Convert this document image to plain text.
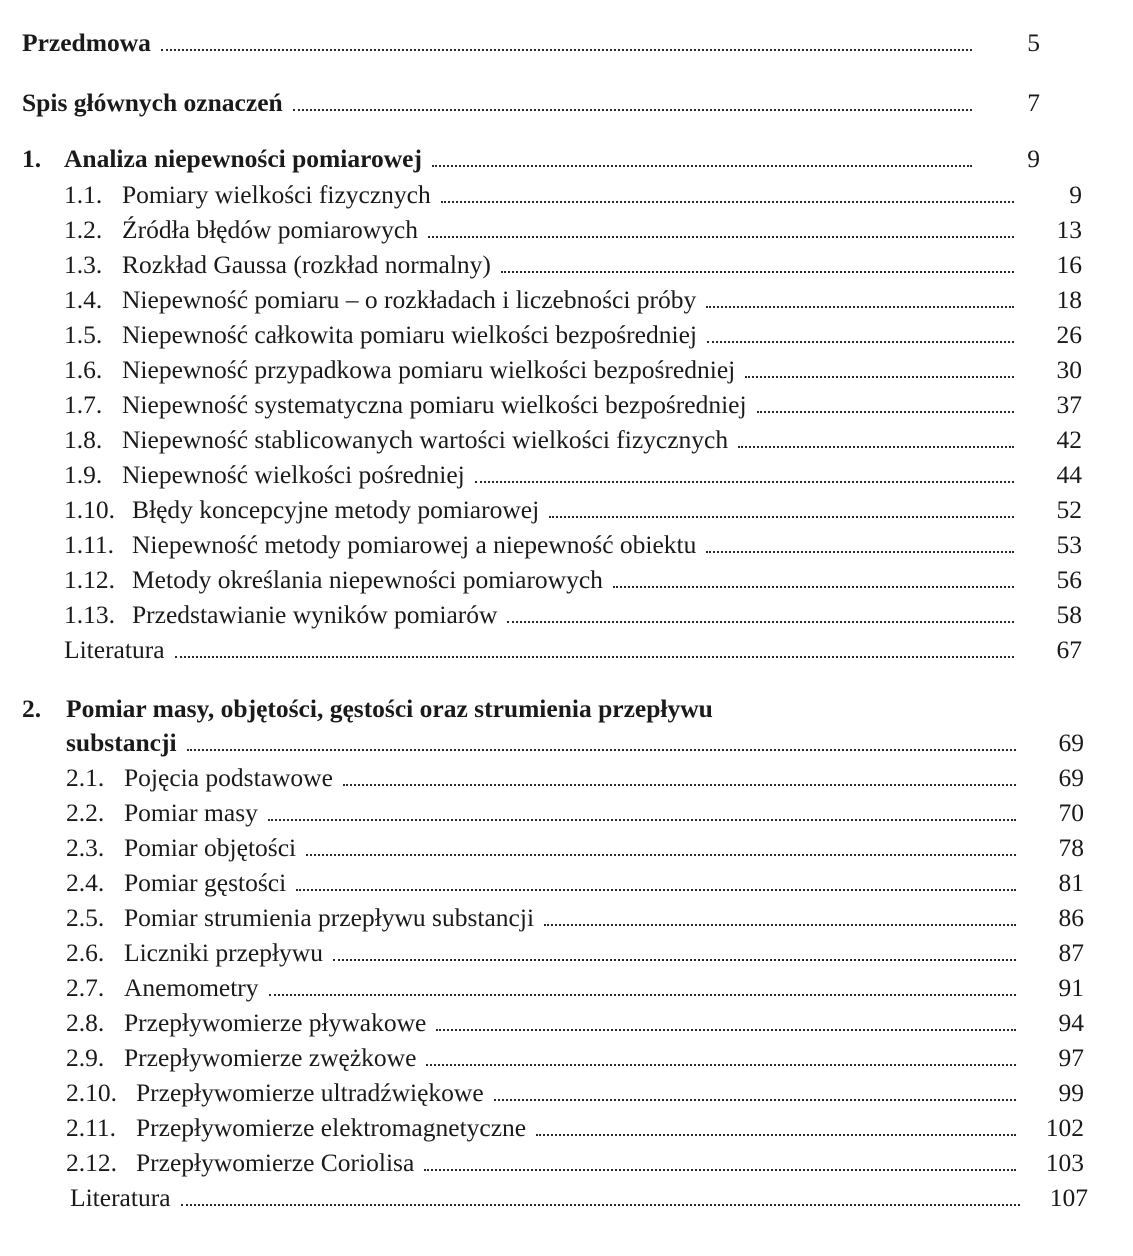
Przedmowa	5
Spis głównych oznaczeń	7
1. Analiza niepewności pomiarowej	9
1.1. Pomiary wielkości fizycznych	9
1.2. Źródła błędów pomiarowych	13
1.3. Rozkład Gaussa (rozkład normalny)	16
1.4. Niepewność pomiaru – o rozkładach i liczebności próby	18
1.5. Niepewność całkowita pomiaru wielkości bezpośredniej	26
1.6. Niepewność przypadkowa pomiaru wielkości bezpośredniej	30
1.7. Niepewność systematyczna pomiaru wielkości bezpośredniej	37
1.8. Niepewność stablicowanych wartości wielkości fizycznych	42
1.9. Niepewność wielkości pośredniej	44
1.10. Błędy koncepcyjne metody pomiarowej	52
1.11. Niepewność metody pomiarowej a niepewność obiektu	53
1.12. Metody określania niepewności pomiarowych	56
1.13. Przedstawianie wyników pomiarów	58
Literatura	67
2. Pomiar masy, objętości, gęstości oraz strumienia przepływu
substancji	69
2.1. Pojęcia podstawowe	69
2.2. Pomiar masy	70
2.3. Pomiar objętości	78
2.4. Pomiar gęstości	81
2.5. Pomiar strumienia przepływu substancji	86
2.6. Liczniki przepływu	87
2.7. Anemometry	91
2.8. Przepływomierze pływakowe	94
2.9. Przepływomierze zwężkowe	97
2.10. Przepływomierze ultradźwiękowe	99
2.11. Przepływomierze elektromagnetyczne	102
2.12. Przepływomierze Coriolisa	103
Literatura	107
